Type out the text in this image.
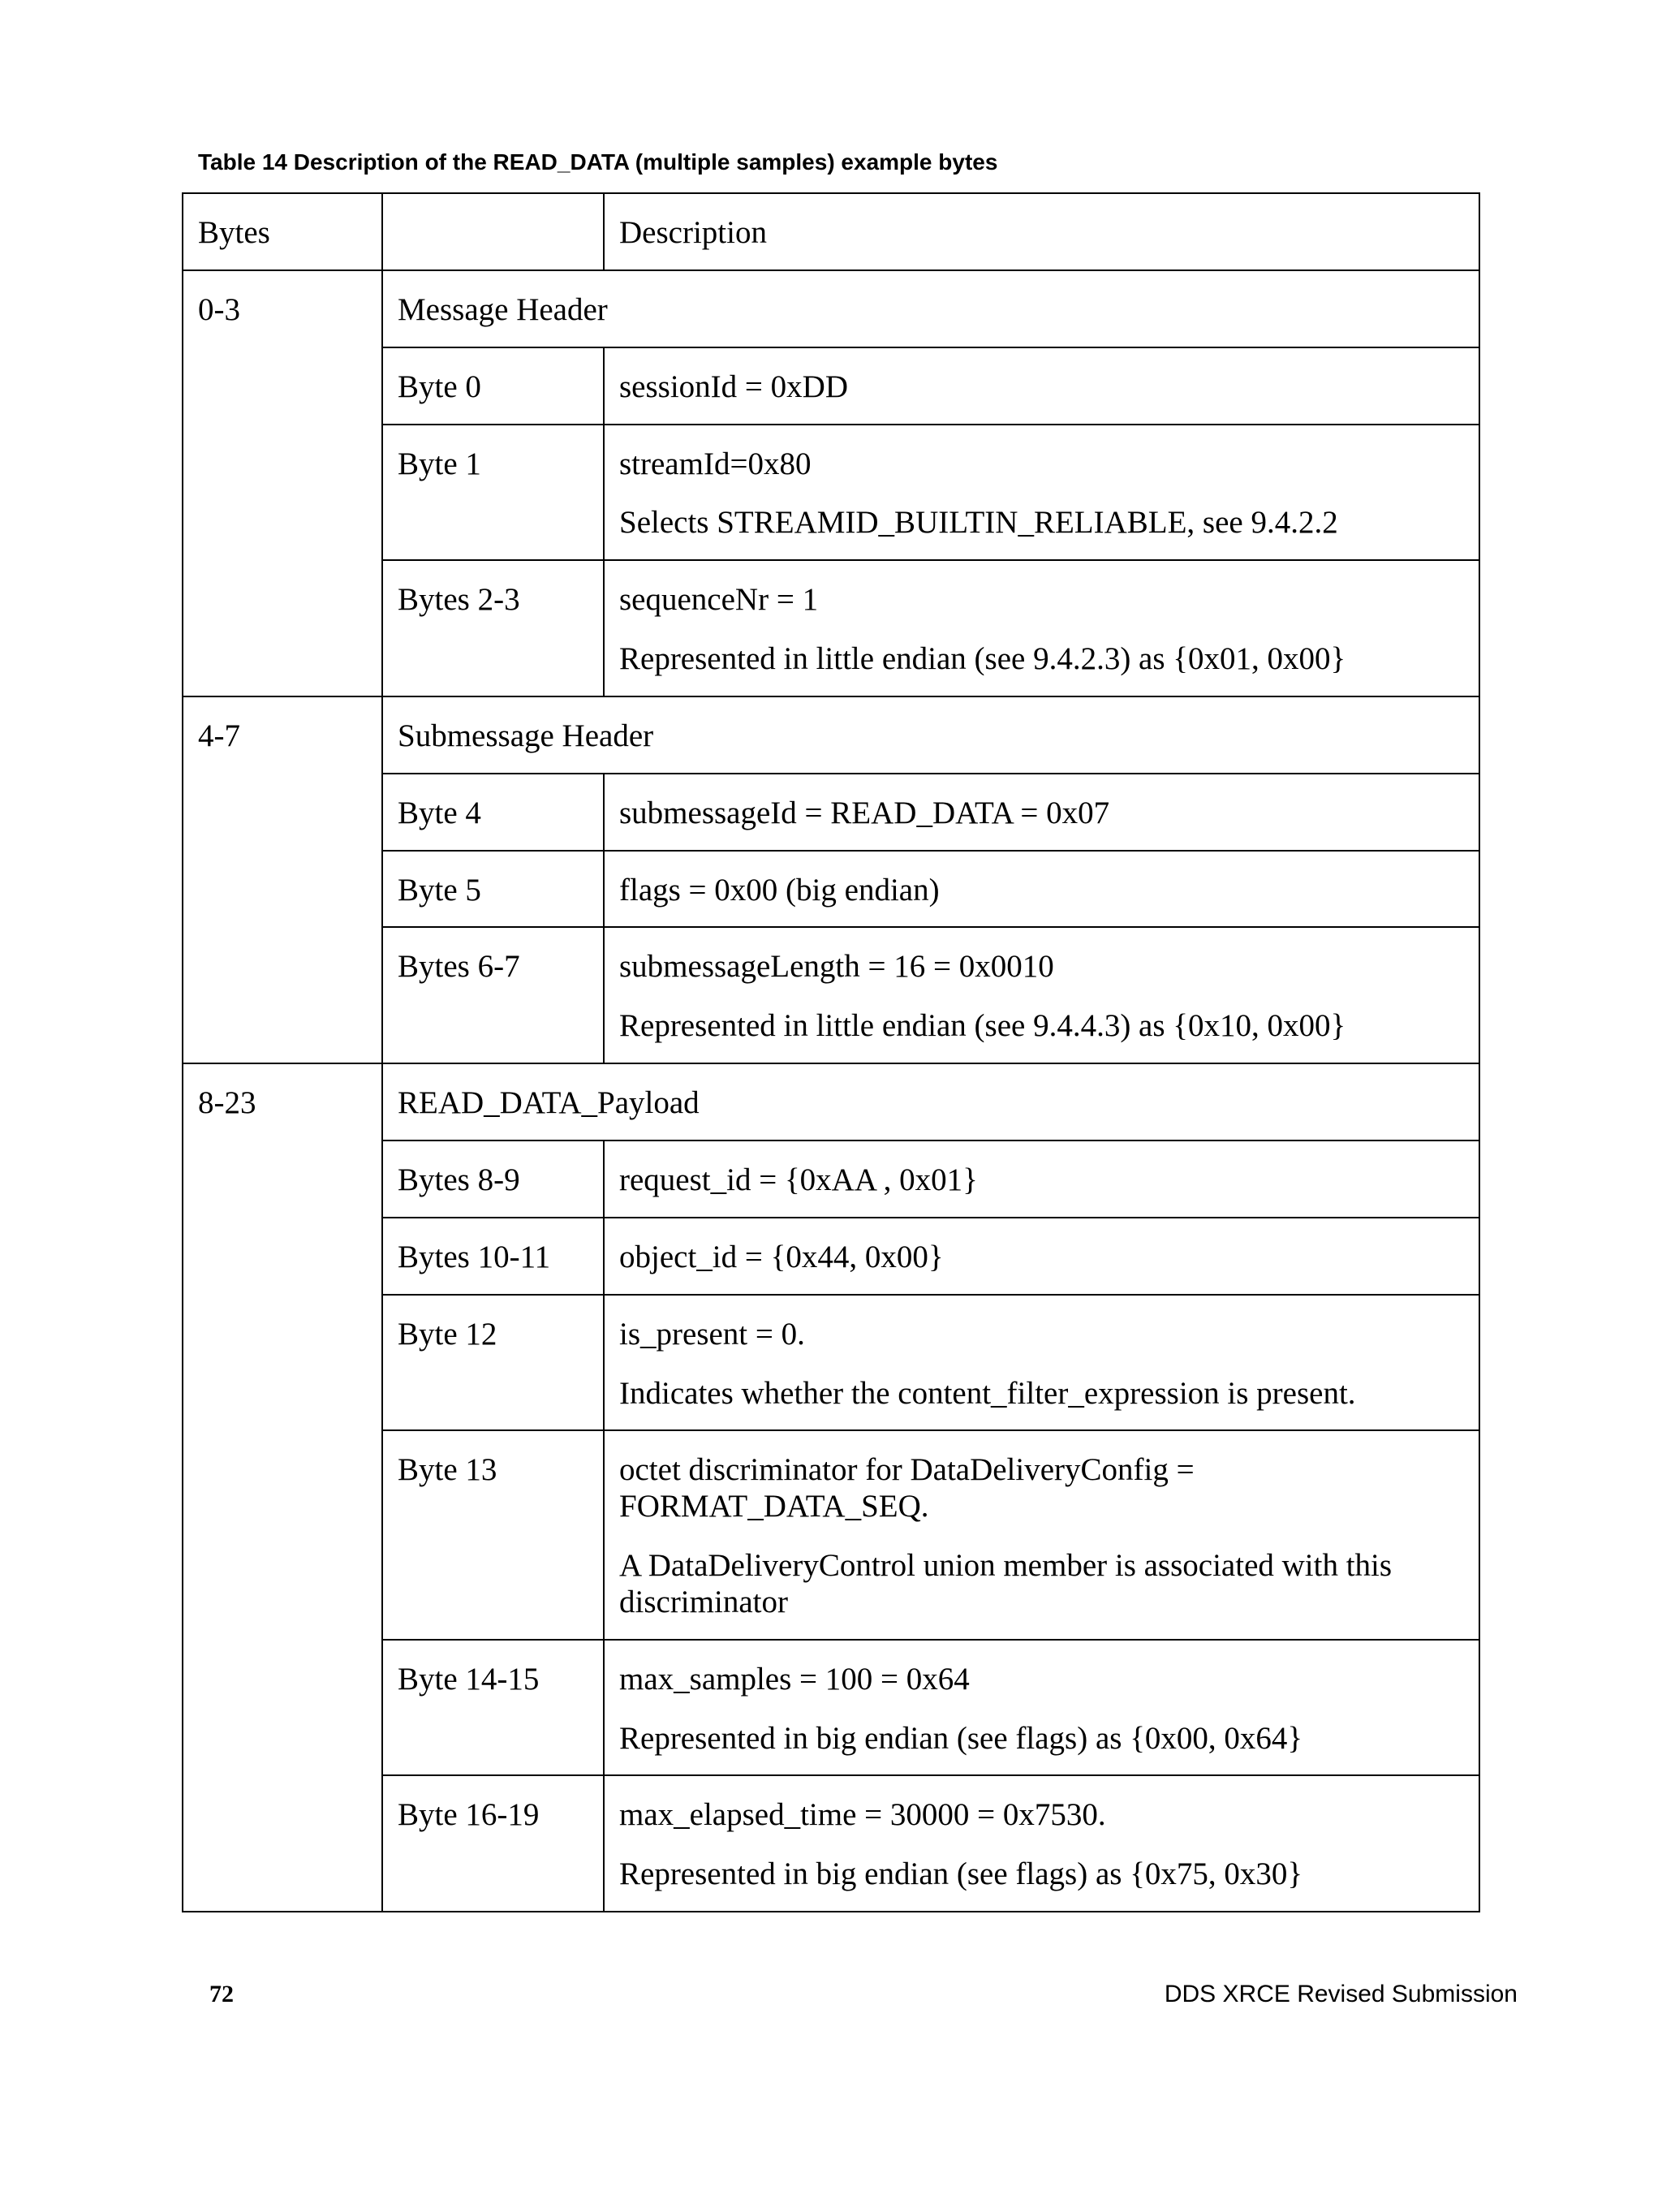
Table 14 Description of the READ_DATA (multiple samples) example bytes

Bytes		Description
0-3	Message Header	
	Byte 0	sessionId = 0xDD

	Byte 1	streamId=0x80
Selects STREAMID_BUILTIN_RELIABLE, see 9.4.2.2

	Bytes 2-3	sequenceNr = 1
Represented in little endian (see 9.4.2.3) as {0x01, 0x00}

4-7	Submessage Header	
	Byte 4	submessageId = READ_DATA = 0x07

	Byte 5	flags = 0x00 (big endian)

	Bytes 6-7	submessageLength = 16 = 0x0010
Represented in little endian (see 9.4.4.3) as {0x10, 0x00}

8-23	READ_DATA_Payload	
	Bytes 8-9	request_id = {0xAA , 0x01}

	Bytes 10-11	object_id = {0x44, 0x00}

	Byte 12	is_present = 0.
Indicates whether the content_filter_expression is present.

	Byte 13	octet discriminator for DataDeliveryConfig = FORMAT_DATA_SEQ.
A DataDeliveryControl union member is associated with this discriminator

	Byte 14-15	max_samples = 100 = 0x64
Represented in big endian (see flags) as {0x00, 0x64}

	Byte 16-19	max_elapsed_time = 30000 = 0x7530.
Represented in big endian (see flags) as {0x75, 0x30}

72	DDS XRCE Revised Submission
